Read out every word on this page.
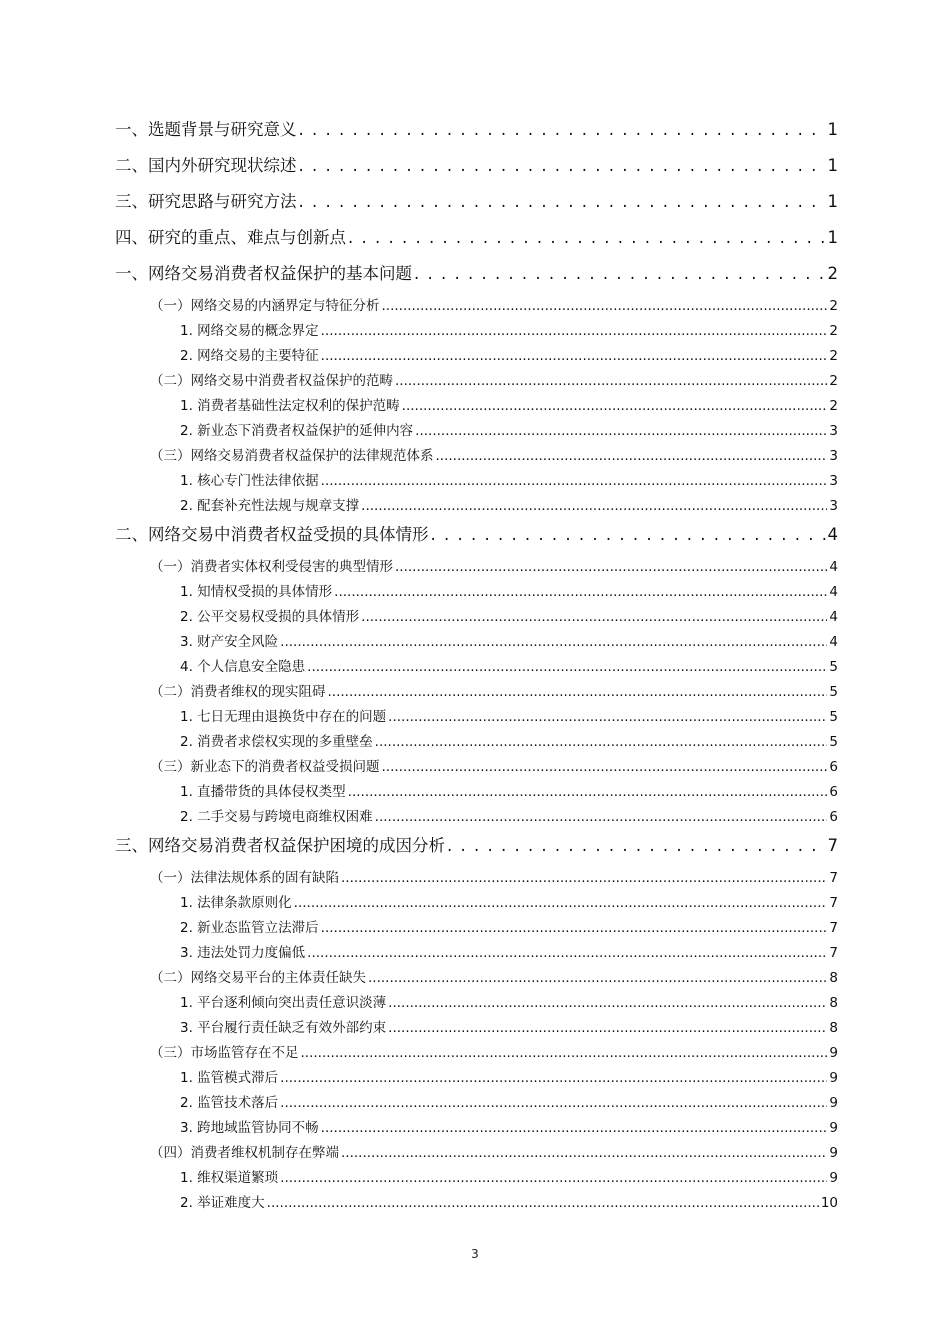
一、选题背景与研究意义 . . .	1
二、国内外研究现状综述 . . .	1
三、研究思路与研究方法 . . .	1
四、研究的重点、难点与创新点 . . .	1
一、网络交易消费者权益保护的基本问题 . . .	2
（一）网络交易的内涵界定与特征分析 .....	2
1. 网络交易的概念界定 .....	2
2. 网络交易的主要特征 .....	2
（二）网络交易中消费者权益保护的范畴 .....	2
1. 消费者基础性法定权利的保护范畴 .....	2
2. 新业态下消费者权益保护的延伸内容 .....	3
（三）网络交易消费者权益保护的法律规范体系 .....	3
1. 核心专门性法律依据 .....	3
2. 配套补充性法规与规章支撑 .....	3
二、网络交易中消费者权益受损的具体情形 . . .	4
（一）消费者实体权利受侵害的典型情形 .....	4
1. 知情权受损的具体情形 .....	4
2. 公平交易权受损的具体情形 .....	4
3. 财产安全风险 .....	4
4. 个人信息安全隐患 .....	5
（二）消费者维权的现实阻碍 .....	5
1. 七日无理由退换货中存在的问题 .....	5
2. 消费者求偿权实现的多重壁垒 .....	5
（三）新业态下的消费者权益受损问题 .....	6
1. 直播带货的具体侵权类型 .....	6
2. 二手交易与跨境电商维权困难 .....	6
三、网络交易消费者权益保护困境的成因分析 . . .	7
（一）法律法规体系的固有缺陷 .....	7
1. 法律条款原则化 .....	7
2. 新业态监管立法滞后 .....	7
3. 违法处罚力度偏低 .....	7
（二）网络交易平台的主体责任缺失 .....	8
1. 平台逐利倾向突出责任意识淡薄 .....	8
3. 平台履行责任缺乏有效外部约束 .....	8
（三）市场监管存在不足 .....	9
1. 监管模式滞后 .....	9
2. 监管技术落后 .....	9
3. 跨地域监管协同不畅 .....	9
（四）消费者维权机制存在弊端 .....	9
1. 维权渠道繁琐 .....	9
2. 举证难度大 .....	10
3
